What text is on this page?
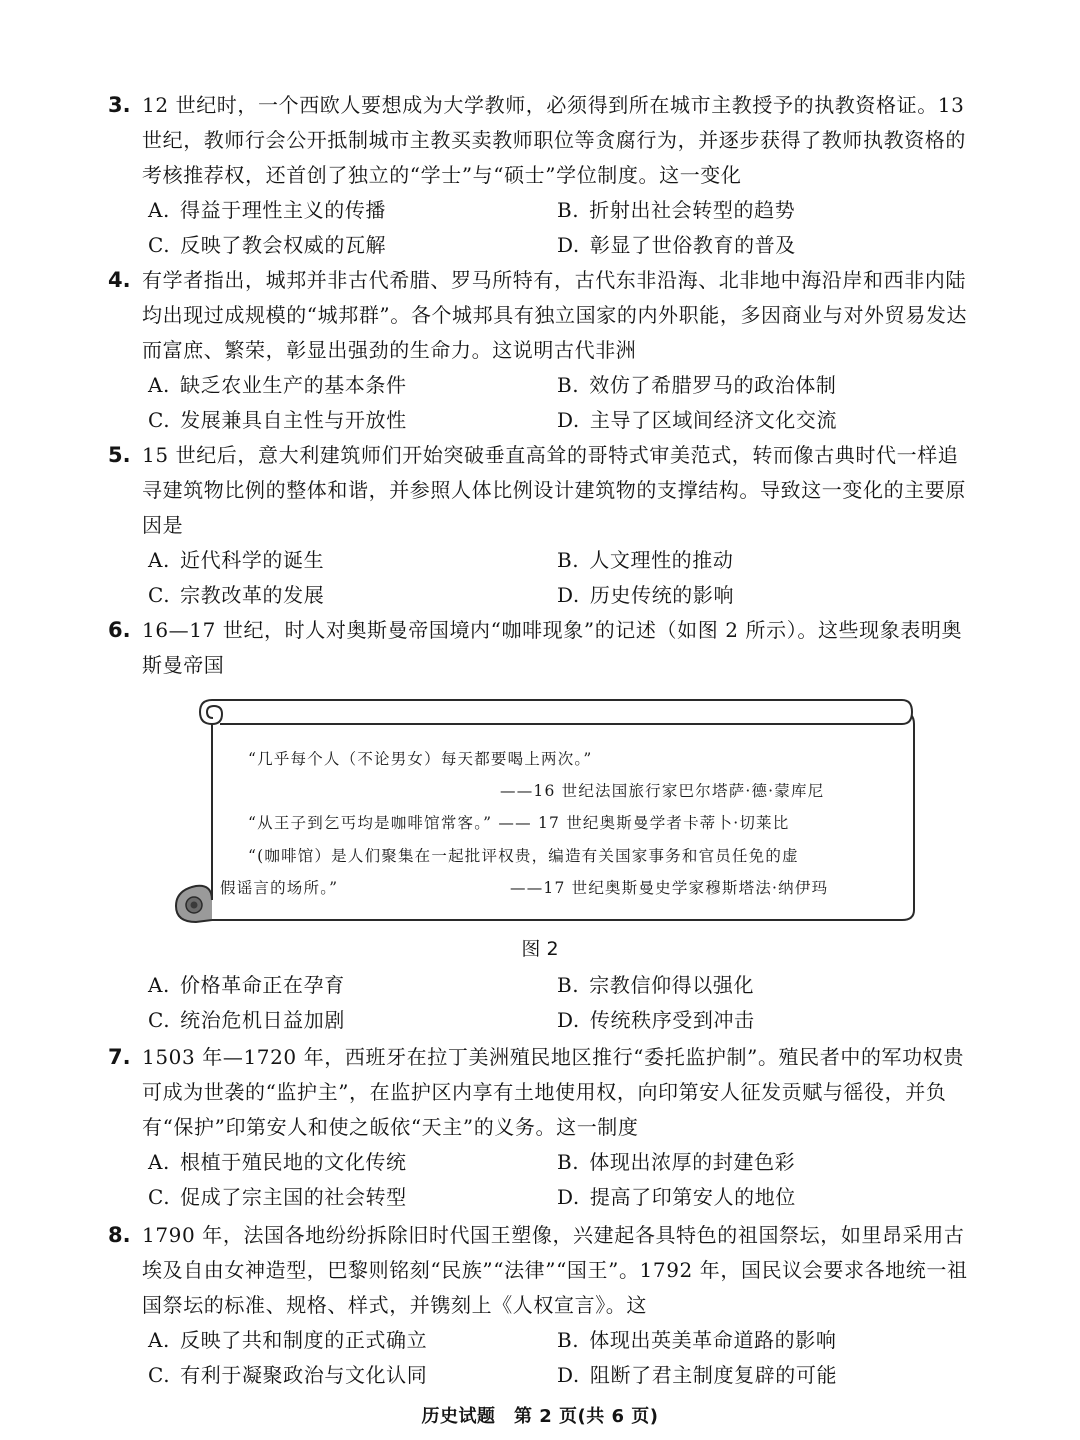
3. 12 世纪时，一个西欧人要想成为大学教师，必须得到所在城市主教授予的执教资格证。13 世纪，教师行会公开抵制城市主教买卖教师职位等贪腐行为，并逐步获得了教师执教资格的考核推荐权，还首创了独立的“学士”与“硕士”学位制度。这一变化
A. 得益于理性主义的传播	B. 折射出社会转型的趋势
C. 反映了教会权威的瓦解	D. 彰显了世俗教育的普及
4. 有学者指出，城邦并非古代希腊、罗马所特有，古代东非沿海、北非地中海沿岸和西非内陆均出现过成规模的“城邦群”。各个城邦具有独立国家的内外职能，多因商业与对外贸易发达而富庶、繁荣，彰显出强劲的生命力。这说明古代非洲
A. 缺乏农业生产的基本条件	B. 效仿了希腊罗马的政治体制
C. 发展兼具自主性与开放性	D. 主导了区域间经济文化交流
5. 15 世纪后，意大利建筑师们开始突破垂直高耸的哥特式审美范式，转而像古典时代一样追寻建筑物比例的整体和谐，并参照人体比例设计建筑物的支撑结构。导致这一变化的主要原因是
A. 近代科学的诞生	B. 人文理性的推动
C. 宗教改革的发展	D. 历史传统的影响
6. 16—17 世纪，时人对奥斯曼帝国境内“咖啡现象”的记述（如图 2 所示）。这些现象表明奥斯曼帝国
“几乎每个人（不论男女）每天都要喝上两次。”
——16 世纪法国旅行家巴尔塔萨·德·蒙库尼
“从王子到乞丐均是咖啡馆常客。” —— 17 世纪奥斯曼学者卡蒂卜·切莱比
“(咖啡馆）是人们聚集在一起批评权贵，编造有关国家事务和官员任免的虚
假谣言的场所。”	——17 世纪奥斯曼史学家穆斯塔法·纳伊玛
图 2
A. 价格革命正在孕育	B. 宗教信仰得以强化
C. 统治危机日益加剧	D. 传统秩序受到冲击
7. 1503 年—1720 年，西班牙在拉丁美洲殖民地区推行“委托监护制”。殖民者中的军功权贵可成为世袭的“监护主”，在监护区内享有土地使用权，向印第安人征发贡赋与徭役，并负有“保护”印第安人和使之皈依“天主”的义务。这一制度
A. 根植于殖民地的文化传统	B. 体现出浓厚的封建色彩
C. 促成了宗主国的社会转型	D. 提高了印第安人的地位
8. 1790 年，法国各地纷纷拆除旧时代国王塑像，兴建起各具特色的祖国祭坛，如里昂采用古埃及自由女神造型，巴黎则铭刻“民族”“法律”“国王”。1792 年，国民议会要求各地统一祖国祭坛的标准、规格、样式，并镌刻上《人权宣言》。这
A. 反映了共和制度的正式确立	B. 体现出英美革命道路的影响
C. 有利于凝聚政治与文化认同	D. 阻断了君主制度复辟的可能
历史试题　第 2 页(共 6 页)
